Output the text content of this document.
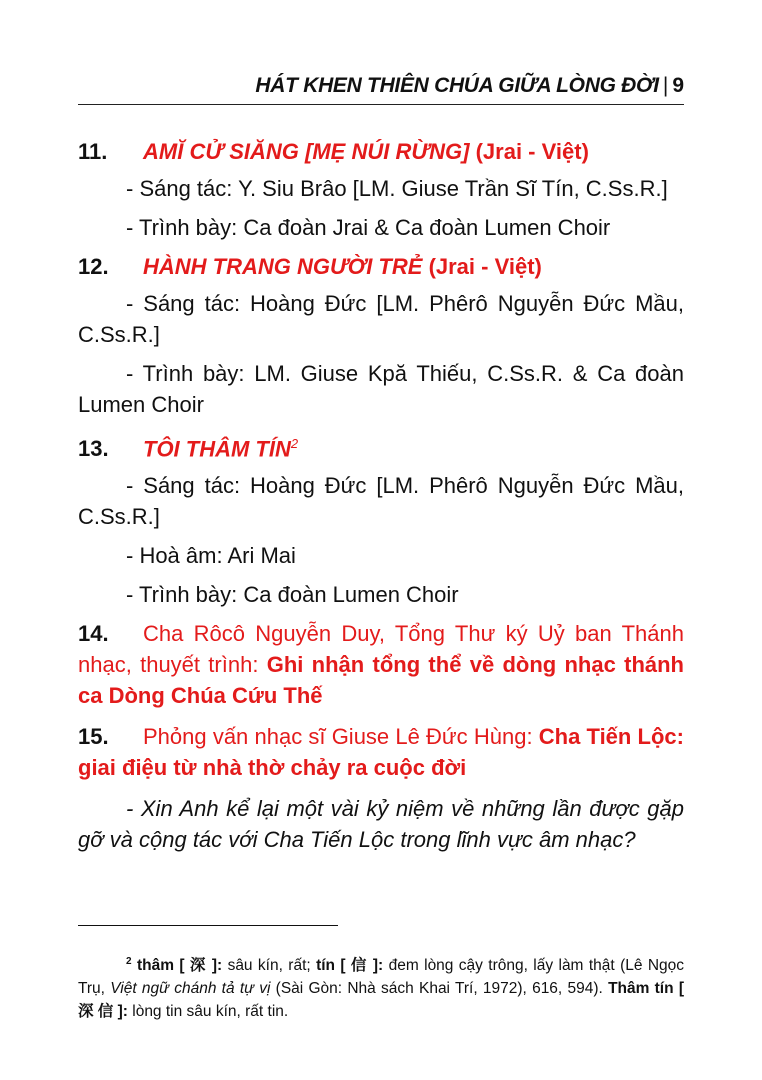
HÁT KHEN THIÊN CHÚA GIỮA LÒNG ĐỜI | 9
11. AMĬ CỬ SIĂNG [MẸ NÚI RỪNG] (Jrai - Việt)

- Sáng tác: Y. Siu Brâo [LM. Giuse Trần Sĩ Tín, C.Ss.R.]

- Trình bày: Ca đoàn Jrai & Ca đoàn Lumen Choir

12. HÀNH TRANG NGƯỜI TRẺ (Jrai - Việt)

- Sáng tác: Hoàng Đức [LM. Phêrô Nguyễn Đức Mầu, C.Ss.R.]

- Trình bày: LM. Giuse Kpă Thiếu, C.Ss.R. & Ca đoàn Lumen Choir

13. TÔI THÂM TÍN$^2$

- Sáng tác: Hoàng Đức [LM. Phêrô Nguyễn Đức Mầu, C.Ss.R.]

- Hoà âm: Ari Mai

- Trình bày: Ca đoàn Lumen Choir

14. Cha Rôcô Nguyễn Duy, Tổng Thư ký Uỷ ban Thánh nhạc, thuyết trình: Ghi nhận tổng thể về dòng nhạc thánh ca Dòng Chúa Cứu Thế
15. Phỏng vấn nhạc sĩ Giuse Lê Đức Hùng: Cha Tiến Lộc: giai điệu từ nhà thờ chảy ra cuộc đời

- Xin Anh kể lại một vài kỷ niệm về những lần được gặp gỡ và cộng tác với Cha Tiến Lộc trong lĩnh vực âm nhạc?

$^2$ thâm [ 深 ]: sâu kín, rất; tín [ 信 ]: đem lòng cậy trông, lấy làm thật (Lê Ngọc Trụ, Việt ngữ chánh tả tự vị (Sài Gòn: Nhà sách Khai Trí, 1972), 616, 594). Thâm tín [ 深 信 ]: lòng tin sâu kín, rất tin.
